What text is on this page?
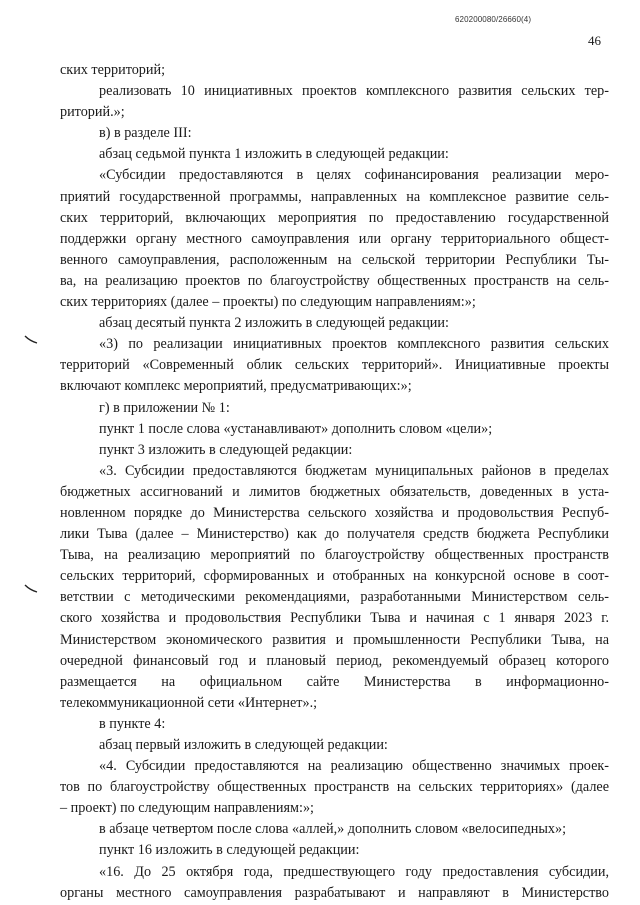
620200080/26660(4)
46
ских территорий;
реализовать 10 инициативных проектов комплексного развития сельских тер-
риторий.»;
в) в разделе III:
абзац седьмой пункта 1 изложить в следующей редакции:
«Субсидии предоставляются в целях софинансирования реализации меро-
приятий государственной программы, направленных на комплексное развитие сель-
ских территорий, включающих мероприятия по предоставлению государственной
поддержки органу местного самоуправления или органу территориального общест-
венного самоуправления, расположенным на сельской территории Республики Ты-
ва, на реализацию проектов по благоустройству общественных пространств на сель-
ских территориях (далее – проекты) по следующим направлениям:»;
абзац десятый пункта 2 изложить в следующей редакции:
«3) по реализации инициативных проектов комплексного развития сельских
территорий «Современный облик сельских территорий». Инициативные проекты
включают комплекс мероприятий, предусматривающих:»;
г) в приложении № 1:
пункт 1 после слова «устанавливают» дополнить словом «цели»;
пункт 3 изложить в следующей редакции:
«3. Субсидии предоставляются бюджетам муниципальных районов в пределах
бюджетных ассигнований и лимитов бюджетных обязательств, доведенных в уста-
новленном порядке до Министерства сельского хозяйства и продовольствия Респуб-
лики Тыва (далее – Министерство) как до получателя средств бюджета Республики
Тыва, на реализацию мероприятий по благоустройству общественных пространств
сельских территорий, сформированных и отобранных на конкурсной основе в соот-
ветствии с методическими рекомендациями, разработанными Министерством сель-
ского хозяйства и продовольствия Республики Тыва и начиная с 1 января 2023 г.
Министерством экономического развития и промышленности Республики Тыва, на
очередной финансовый год и плановый период, рекомендуемый образец которого
размещается на официальном сайте Министерства в информационно-
телекоммуникационной сети «Интернет».;
в пункте 4:
абзац первый изложить в следующей редакции:
«4. Субсидии предоставляются на реализацию общественно значимых проек-
тов по благоустройству общественных пространств на сельских территориях» (далее
– проект) по следующим направлениям:»;
в абзаце четвертом после слова «аллей,» дополнить словом «велосипедных»;
пункт 16 изложить в следующей редакции:
«16. До 25 октября года, предшествующего году предоставления субсидии,
органы местного самоуправления разрабатывают и направляют в Министерство
